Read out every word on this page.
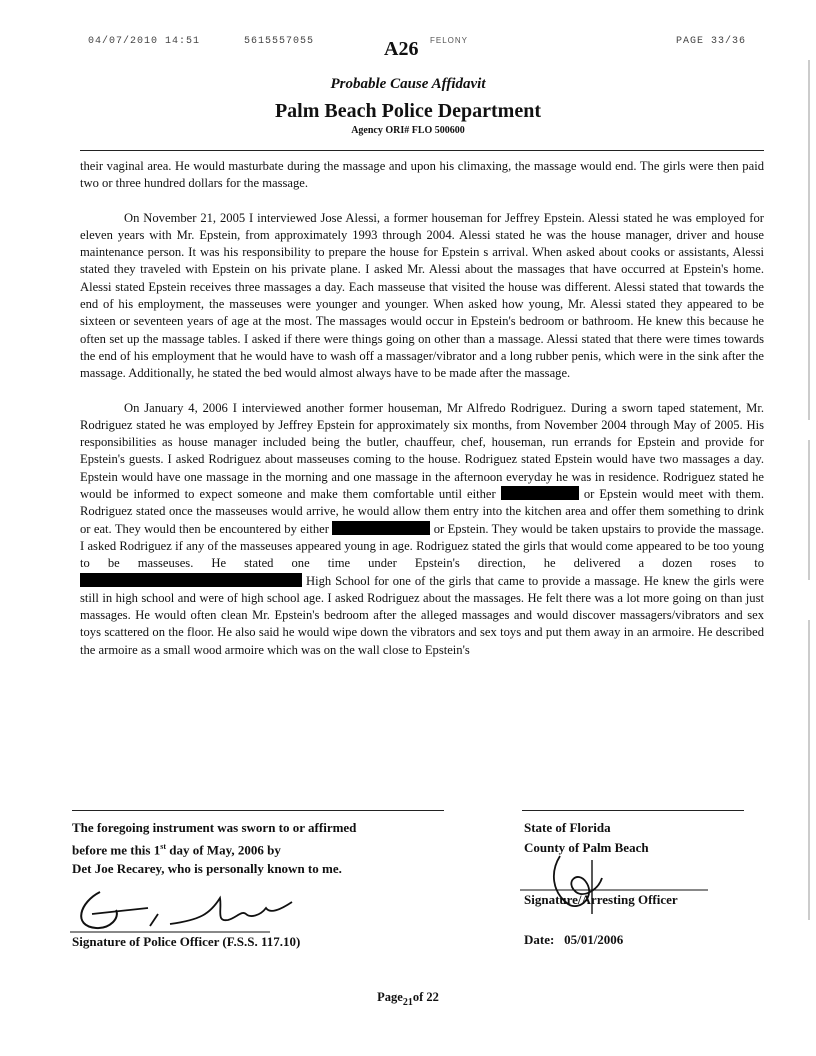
04/07/2010 14:51	5615557055	A26 FELONY	PAGE 33/36
Probable Cause Affidavit
Palm Beach Police Department
Agency ORI# FLO 500600

their vaginal area. He would masturbate during the massage and upon his climaxing, the massage would end. The girls were then paid two or three hundred dollars for the massage.

On November 21, 2005 I interviewed Jose Alessi, a former houseman for Jeffrey Epstein. Alessi stated he was employed for eleven years with Mr. Epstein, from approximately 1993 through 2004. Alessi stated he was the house manager, driver and house maintenance person. It was his responsibility to prepare the house for Epstein s arrival. When asked about cooks or assistants, Alessi stated they traveled with Epstein on his private plane. I asked Mr. Alessi about the massages that have occurred at Epstein's home. Alessi stated Epstein receives three massages a day. Each masseuse that visited the house was different. Alessi stated that towards the end of his employment, the masseuses were younger and younger. When asked how young, Mr. Alessi stated they appeared to be sixteen or seventeen years of age at the most. The massages would occur in Epstein's bedroom or bathroom. He knew this because he often set up the massage tables. I asked if there were things going on other than a massage. Alessi stated that there were times towards the end of his employment that he would have to wash off a massager/vibrator and a long rubber penis, which were in the sink after the massage. Additionally, he stated the bed would almost always have to be made after the massage.

On January 4, 2006 I interviewed another former houseman, Mr Alfredo Rodriguez. During a sworn taped statement, Mr. Rodriguez stated he was employed by Jeffrey Epstein for approximately six months, from November 2004 through May of 2005. His responsibilities as house manager included being the butler, chauffeur, chef, houseman, run errands for Epstein and provide for Epstein's guests. I asked Rodriguez about masseuses coming to the house. Rodriguez stated Epstein would have two massages a day. Epstein would have one massage in the morning and one massage in the afternoon everyday he was in residence. Rodriguez stated he would be informed to expect someone and make them comfortable until either	or Epstein would meet with them. Rodriguez stated once the masseuses would arrive, he would allow them entry into the kitchen area and offer them something to drink or eat. They would then be encountered by either	or Epstein. They would be taken upstairs to provide the massage. I asked Rodriguez if any of the masseuses appeared young in age. Rodriguez stated the girls that would come appeared to be too young to be masseuses. He stated one time under Epstein's direction, he delivered a dozen roses to  High School for one of the girls that came to provide a massage. He knew the girls were still in high school and were of high school age. I asked Rodriguez about the massages. He felt there was a lot more going on than just massages. He would often clean Mr. Epstein's bedroom after the alleged massages and would discover massagers/vibrators and sex toys scattered on the floor. He also said he would wipe down the vibrators and sex toys and put them away in an armoire. He described the armoire as a small wood armoire which was on the wall close to Epstein's

The foregoing instrument was sworn to or affirmed
before me this 1st day of May, 2006 by
Det Joe Recarey, who is personally known to me.
Signature of Police Officer (F.S.S. 117.10)
State of Florida
County of Palm Beach
Signature/Arresting Officer
Date: 05/01/2006
Page$_{21}$of 22
